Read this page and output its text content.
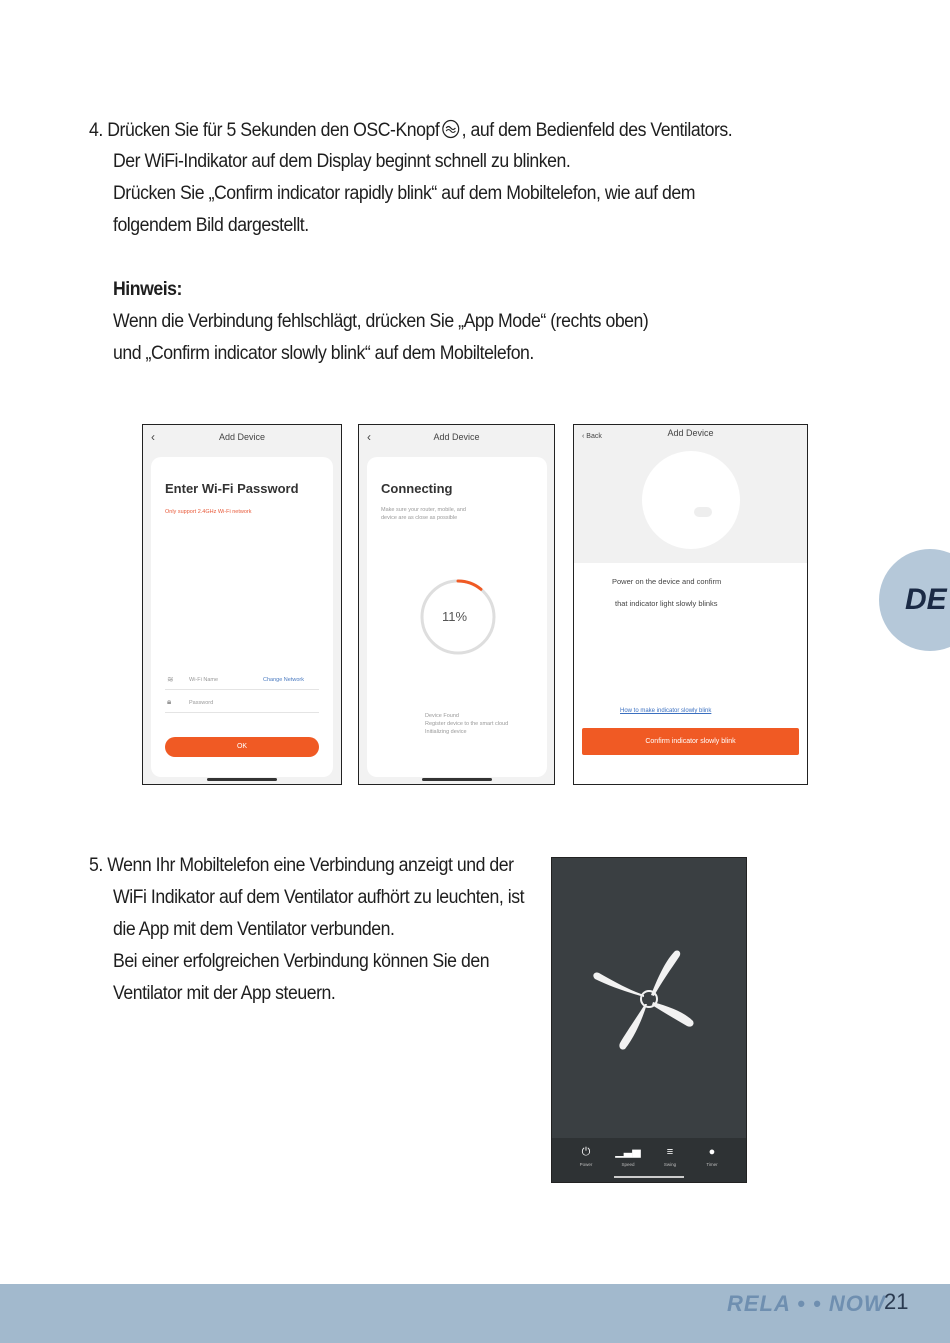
4. Drücken Sie für 5 Sekunden den OSC-Knopf , auf dem Bedienfeld des Ventilators.
Der WiFi-Indikator auf dem Display beginnt schnell zu blinken.
Drücken Sie „Confirm indicator rapidly blink“ auf dem Mobiltelefon, wie auf dem
folgendem Bild dargestellt.
Hinweis:
Wenn die Verbindung fehlschlägt, drücken Sie „App Mode“ (rechts oben)
und „Confirm indicator slowly blink“ auf dem Mobiltelefon.
DE
‹	Add Device
Enter Wi-Fi Password
Only support 2.4GHz Wi-Fi network
≋	Wi-Fi Name	Change Network
🔒︎	Password
OK
‹	Add Device
Connecting
Make sure your router, mobile, and
device are as close as possible
11%
Device Found
Register device to the smart cloud
Initializing device
‹ Back	Add Device
Power on the device and confirm
that indicator light slowly blinks
How to make indicator slowly blink
Confirm indicator slowly blink
5. Wenn Ihr Mobiltelefon eine Verbindung anzeigt und der
WiFi Indikator auf dem Ventilator aufhört zu leuchten, ist
die App mit dem Ventilator verbunden.
Bei einer erfolgreichen Verbindung können Sie den
Ventilator mit der App steuern.
⏻
Power
▁▃▅
Speed
≡
Swing
●
Timer
RELA • • NOW
21
